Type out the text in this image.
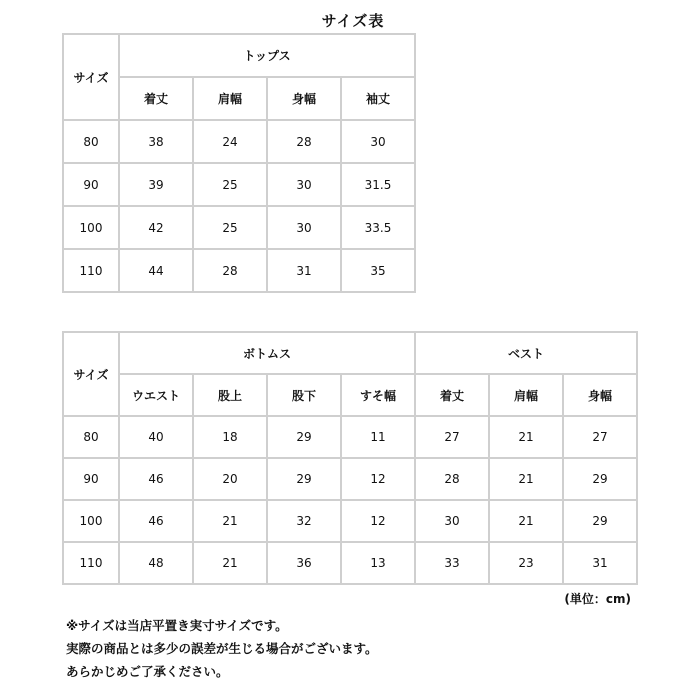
サイズ表
サイズ	トップス			
	着丈	肩幅	身幅	袖丈
80	38	24	28	30
90	39	25	30	31.5
100	42	25	30	33.5
110	44	28	31	35
サイズ	ボトムス				ベスト		
	ウエスト	股上	股下	すそ幅	着丈	肩幅	身幅
80	40	18	29	11	27	21	27
90	46	20	29	12	28	21	29
100	46	21	32	12	30	21	29
110	48	21	36	13	33	23	31
(単位：cm)
※サイズは当店平置き実寸サイズです。
実際の商品とは多少の誤差が生じる場合がございます。
あらかじめご了承ください。
